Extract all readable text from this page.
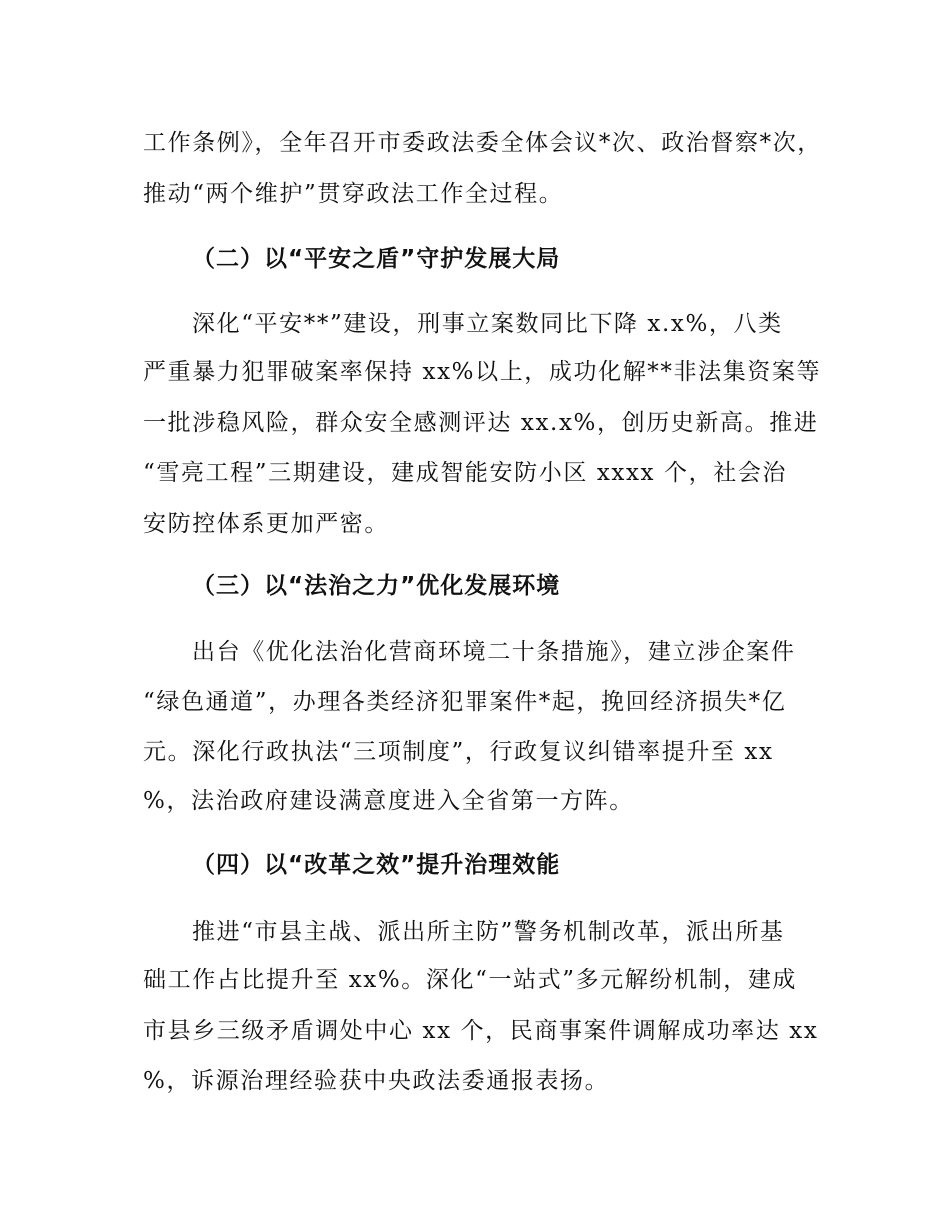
工作条例》，全年召开市委政法委全体会议*次、政治督察*次，
推动“两个维护”贯穿政法工作全过程。
（二）以“平安之盾”守护发展大局
深化“平安**”建设，刑事立案数同比下降 x.x%，八类
严重暴力犯罪破案率保持 xx%以上，成功化解**非法集资案等
一批涉稳风险，群众安全感测评达 xx.x%，创历史新高。推进
“雪亮工程”三期建设，建成智能安防小区 xxxx 个，社会治
安防控体系更加严密。
（三）以“法治之力”优化发展环境
出台《优化法治化营商环境二十条措施》，建立涉企案件
“绿色通道”，办理各类经济犯罪案件*起，挽回经济损失*亿
元。深化行政执法“三项制度”，行政复议纠错率提升至 xx
%，法治政府建设满意度进入全省第一方阵。
（四）以“改革之效”提升治理效能
推进“市县主战、派出所主防”警务机制改革，派出所基
础工作占比提升至 xx%。深化“一站式”多元解纷机制，建成
市县乡三级矛盾调处中心 xx 个，民商事案件调解成功率达 xx
%，诉源治理经验获中央政法委通报表扬。
